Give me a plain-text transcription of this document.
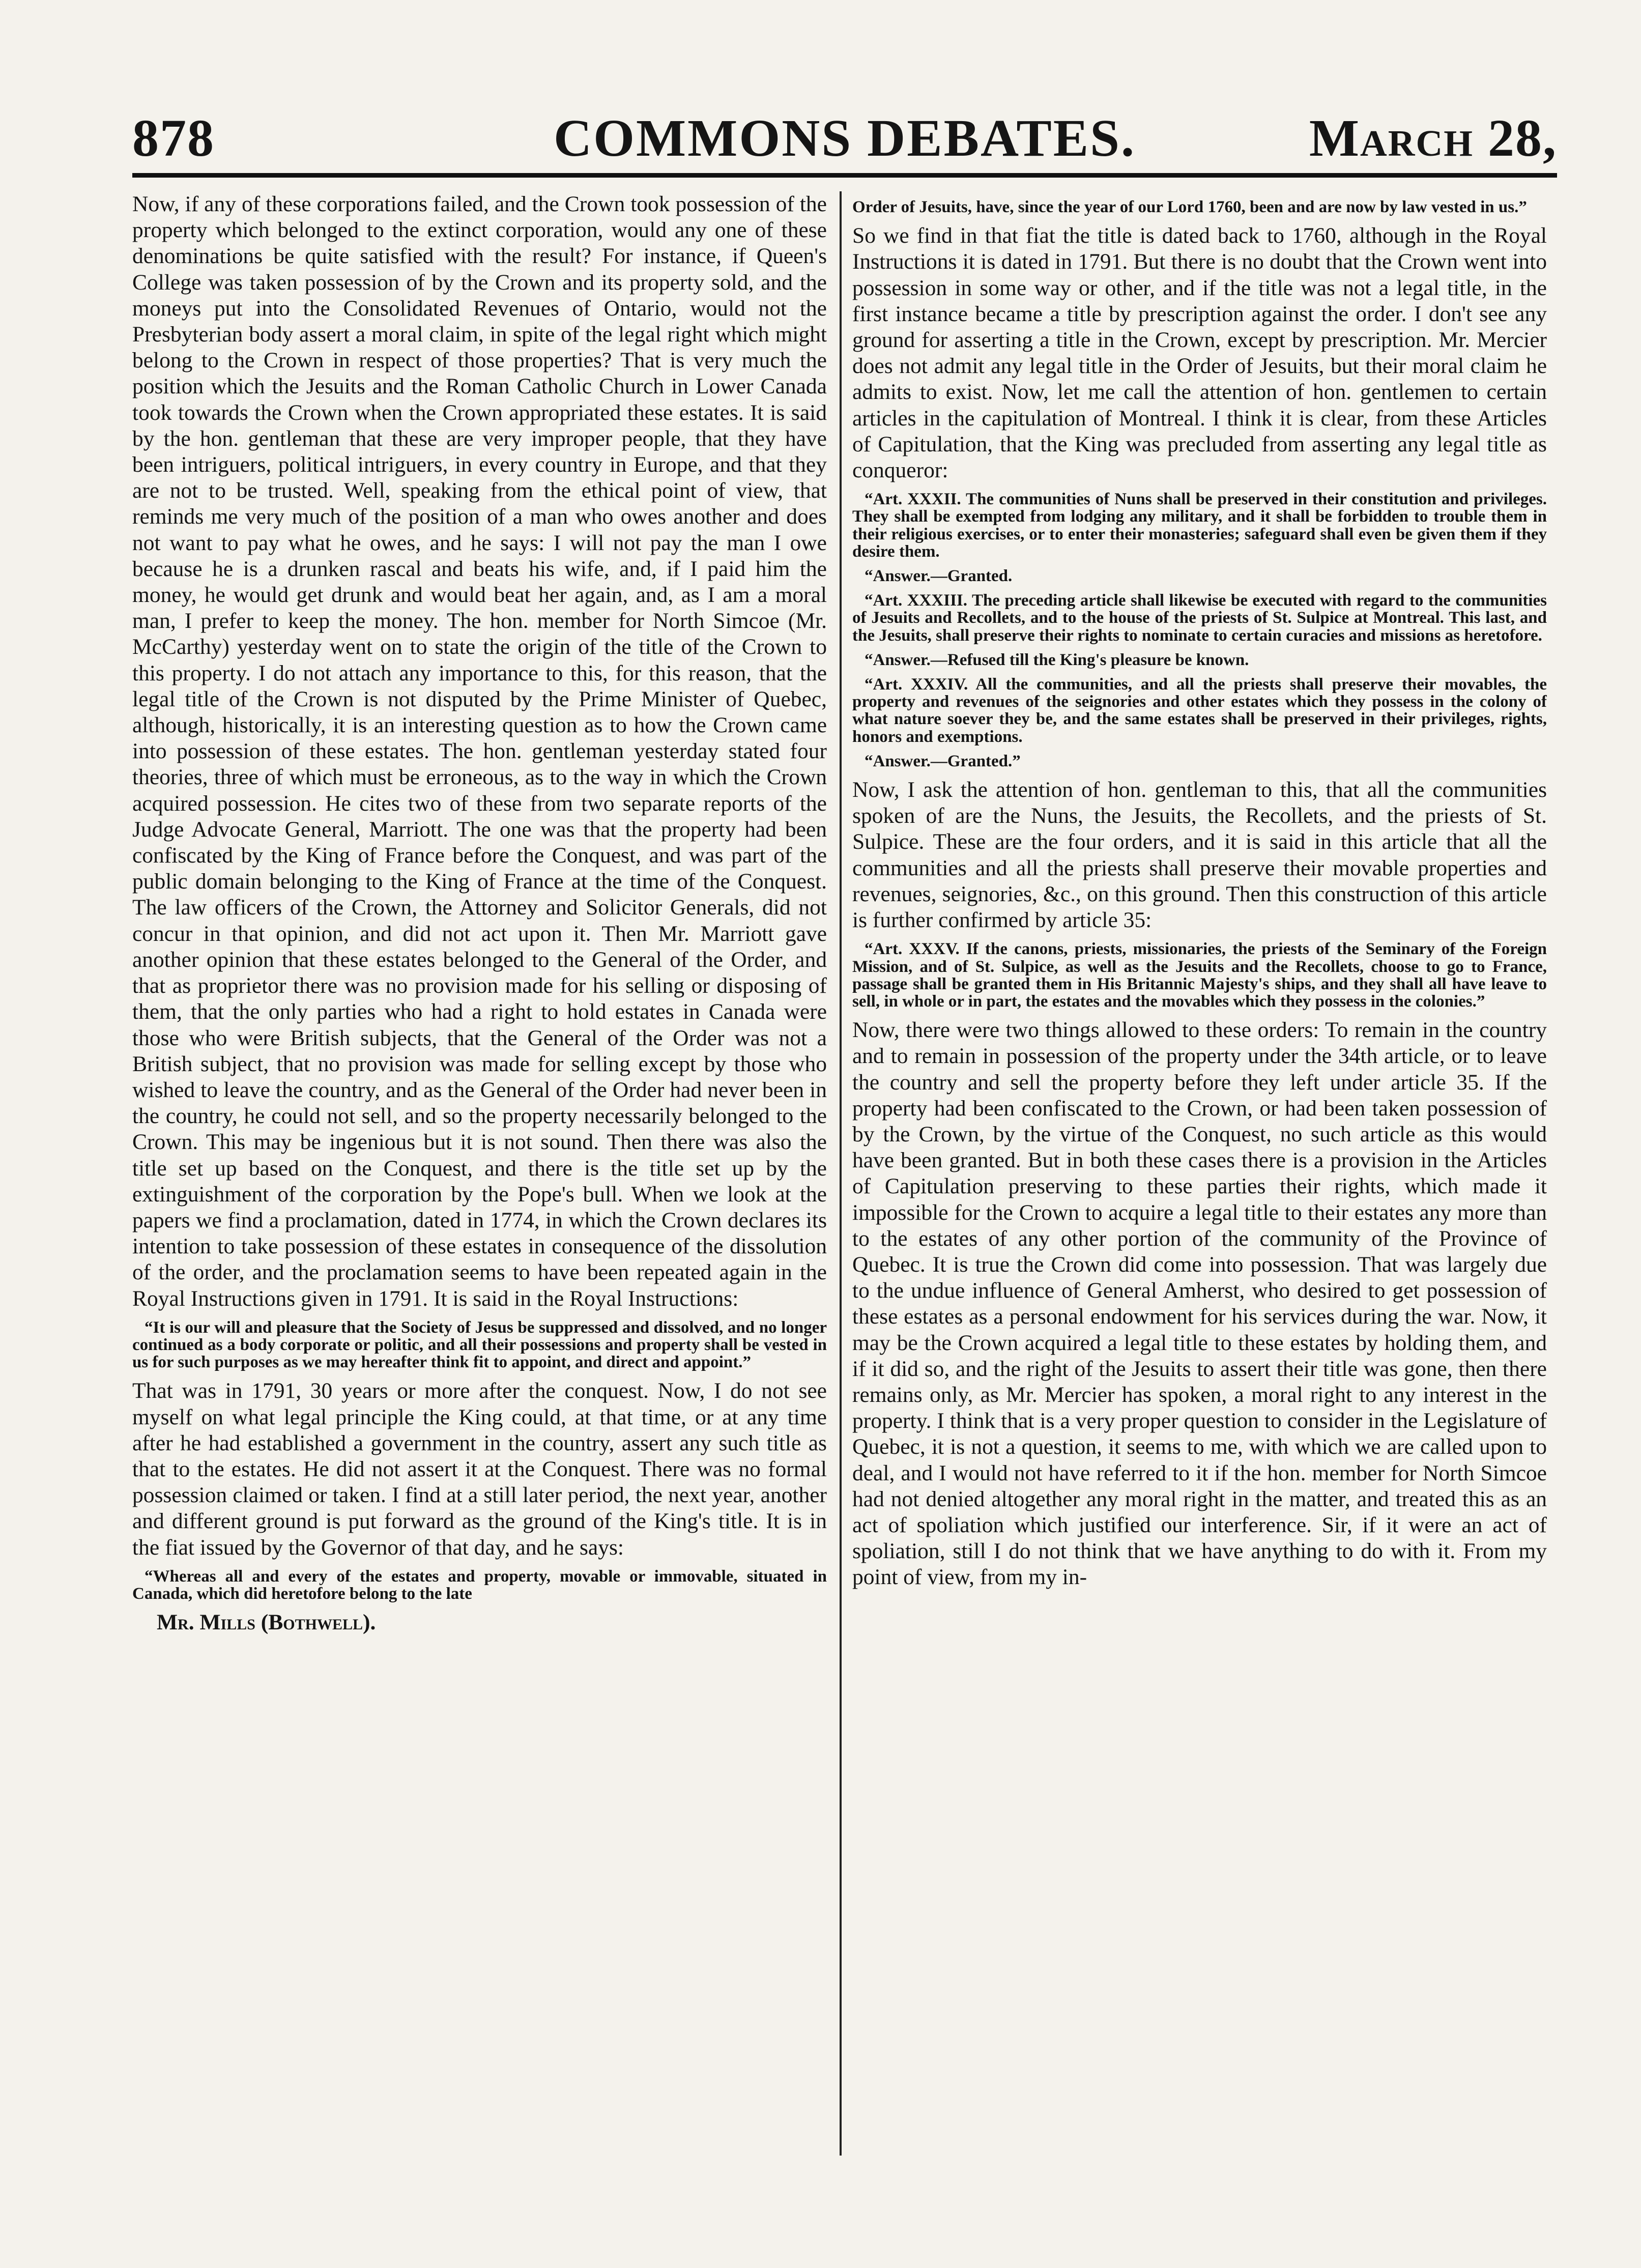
878	COMMONS DEBATES.	March 28,

Now, if any of these corporations failed, and the Crown took possession of the property which belonged to the extinct corporation, would any one of these denominations be quite satisfied with the result? For instance, if Queen's College was taken possession of by the Crown and its property sold, and the moneys put into the Consolidated Revenues of Ontario, would not the Presbyterian body assert a moral claim, in spite of the legal right which might belong to the Crown in respect of those properties? That is very much the position which the Jesuits and the Roman Catholic Church in Lower Canada took towards the Crown when the Crown appropriated these estates. It is said by the hon. gentleman that these are very improper people, that they have been intriguers, political intriguers, in every country in Europe, and that they are not to be trusted. Well, speaking from the ethical point of view, that reminds me very much of the position of a man who owes another and does not want to pay what he owes, and he says: I will not pay the man I owe because he is a drunken rascal and beats his wife, and, if I paid him the money, he would get drunk and would beat her again, and, as I am a moral man, I prefer to keep the money. The hon. member for North Simcoe (Mr. McCarthy) yesterday went on to state the origin of the title of the Crown to this property. I do not attach any importance to this, for this reason, that the legal title of the Crown is not disputed by the Prime Minister of Quebec, although, historically, it is an interesting question as to how the Crown came into possession of these estates. The hon. gentleman yesterday stated four theories, three of which must be erroneous, as to the way in which the Crown acquired possession. He cites two of these from two separate reports of the Judge Advocate General, Marriott. The one was that the property had been confiscated by the King of France before the Conquest, and was part of the public domain belonging to the King of France at the time of the Conquest. The law officers of the Crown, the Attorney and Solicitor Generals, did not concur in that opinion, and did not act upon it. Then Mr. Marriott gave another opinion that these estates belonged to the General of the Order, and that as proprietor there was no provision made for his selling or disposing of them, that the only parties who had a right to hold estates in Canada were those who were British subjects, that the General of the Order was not a British subject, that no provision was made for selling except by those who wished to leave the country, and as the General of the Order had never been in the country, he could not sell, and so the property necessarily belonged to the Crown. This may be ingenious but it is not sound. Then there was also the title set up based on the Conquest, and there is the title set up by the extinguishment of the corporation by the Pope's bull. When we look at the papers we find a proclamation, dated in 1774, in which the Crown declares its intention to take possession of these estates in consequence of the dissolution of the order, and the proclamation seems to have been repeated again in the Royal Instructions given in 1791. It is said in the Royal Instructions:

“It is our will and pleasure that the Society of Jesus be suppressed and dissolved, and no longer continued as a body corporate or politic, and all their possessions and property shall be vested in us for such purposes as we may hereafter think fit to appoint, and direct and appoint.”

That was in 1791, 30 years or more after the conquest. Now, I do not see myself on what legal principle the King could, at that time, or at any time after he had established a government in the country, assert any such title as that to the estates. He did not assert it at the Conquest. There was no formal possession claimed or taken. I find at a still later period, the next year, another and different ground is put forward as the ground of the King's title. It is in the fiat issued by the Governor of that day, and he says:

“Whereas all and every of the estates and property, movable or immovable, situated in Canada, which did heretofore belong to the late

Mr. Mills (Bothwell).

Order of Jesuits, have, since the year of our Lord 1760, been and are now by law vested in us.”

So we find in that fiat the title is dated back to 1760, although in the Royal Instructions it is dated in 1791. But there is no doubt that the Crown went into possession in some way or other, and if the title was not a legal title, in the first instance became a title by prescription against the order. I don't see any ground for asserting a title in the Crown, except by prescription. Mr. Mercier does not admit any legal title in the Order of Jesuits, but their moral claim he admits to exist. Now, let me call the attention of hon. gentlemen to certain articles in the capitulation of Montreal. I think it is clear, from these Articles of Capitulation, that the King was precluded from asserting any legal title as conqueror:

“Art. XXXII. The communities of Nuns shall be preserved in their constitution and privileges. They shall be exempted from lodging any military, and it shall be forbidden to trouble them in their religious exercises, or to enter their monasteries; safeguard shall even be given them if they desire them.

“Answer.—Granted.

“Art. XXXIII. The preceding article shall likewise be executed with regard to the communities of Jesuits and Recollets, and to the house of the priests of St. Sulpice at Montreal. This last, and the Jesuits, shall preserve their rights to nominate to certain curacies and missions as heretofore.

“Answer.—Refused till the King's pleasure be known.

“Art. XXXIV. All the communities, and all the priests shall preserve their movables, the property and revenues of the seignories and other estates which they possess in the colony of what nature soever they be, and the same estates shall be preserved in their privileges, rights, honors and exemptions.

“Answer.—Granted.”

Now, I ask the attention of hon. gentleman to this, that all the communities spoken of are the Nuns, the Jesuits, the Recollets, and the priests of St. Sulpice. These are the four orders, and it is said in this article that all the communities and all the priests shall preserve their movable properties and revenues, seignories, &c., on this ground. Then this construction of this article is further confirmed by article 35:

“Art. XXXV. If the canons, priests, missionaries, the priests of the Seminary of the Foreign Mission, and of St. Sulpice, as well as the Jesuits and the Recollets, choose to go to France, passage shall be granted them in His Britannic Majesty's ships, and they shall all have leave to sell, in whole or in part, the estates and the movables which they possess in the colonies.”

Now, there were two things allowed to these orders: To remain in the country and to remain in possession of the property under the 34th article, or to leave the country and sell the property before they left under article 35. If the property had been confiscated to the Crown, or had been taken possession of by the Crown, by the virtue of the Conquest, no such article as this would have been granted. But in both these cases there is a provision in the Articles of Capitulation preserving to these parties their rights, which made it impossible for the Crown to acquire a legal title to their estates any more than to the estates of any other portion of the community of the Province of Quebec. It is true the Crown did come into possession. That was largely due to the undue influence of General Amherst, who desired to get possession of these estates as a personal endowment for his services during the war. Now, it may be the Crown acquired a legal title to these estates by holding them, and if it did so, and the right of the Jesuits to assert their title was gone, then there remains only, as Mr. Mercier has spoken, a moral right to any interest in the property. I think that is a very proper question to consider in the Legislature of Quebec, it is not a question, it seems to me, with which we are called upon to deal, and I would not have referred to it if the hon. member for North Simcoe had not denied altogether any moral right in the matter, and treated this as an act of spoliation which justified our interference. Sir, if it were an act of spoliation, still I do not think that we have anything to do with it. From my point of view, from my in-
